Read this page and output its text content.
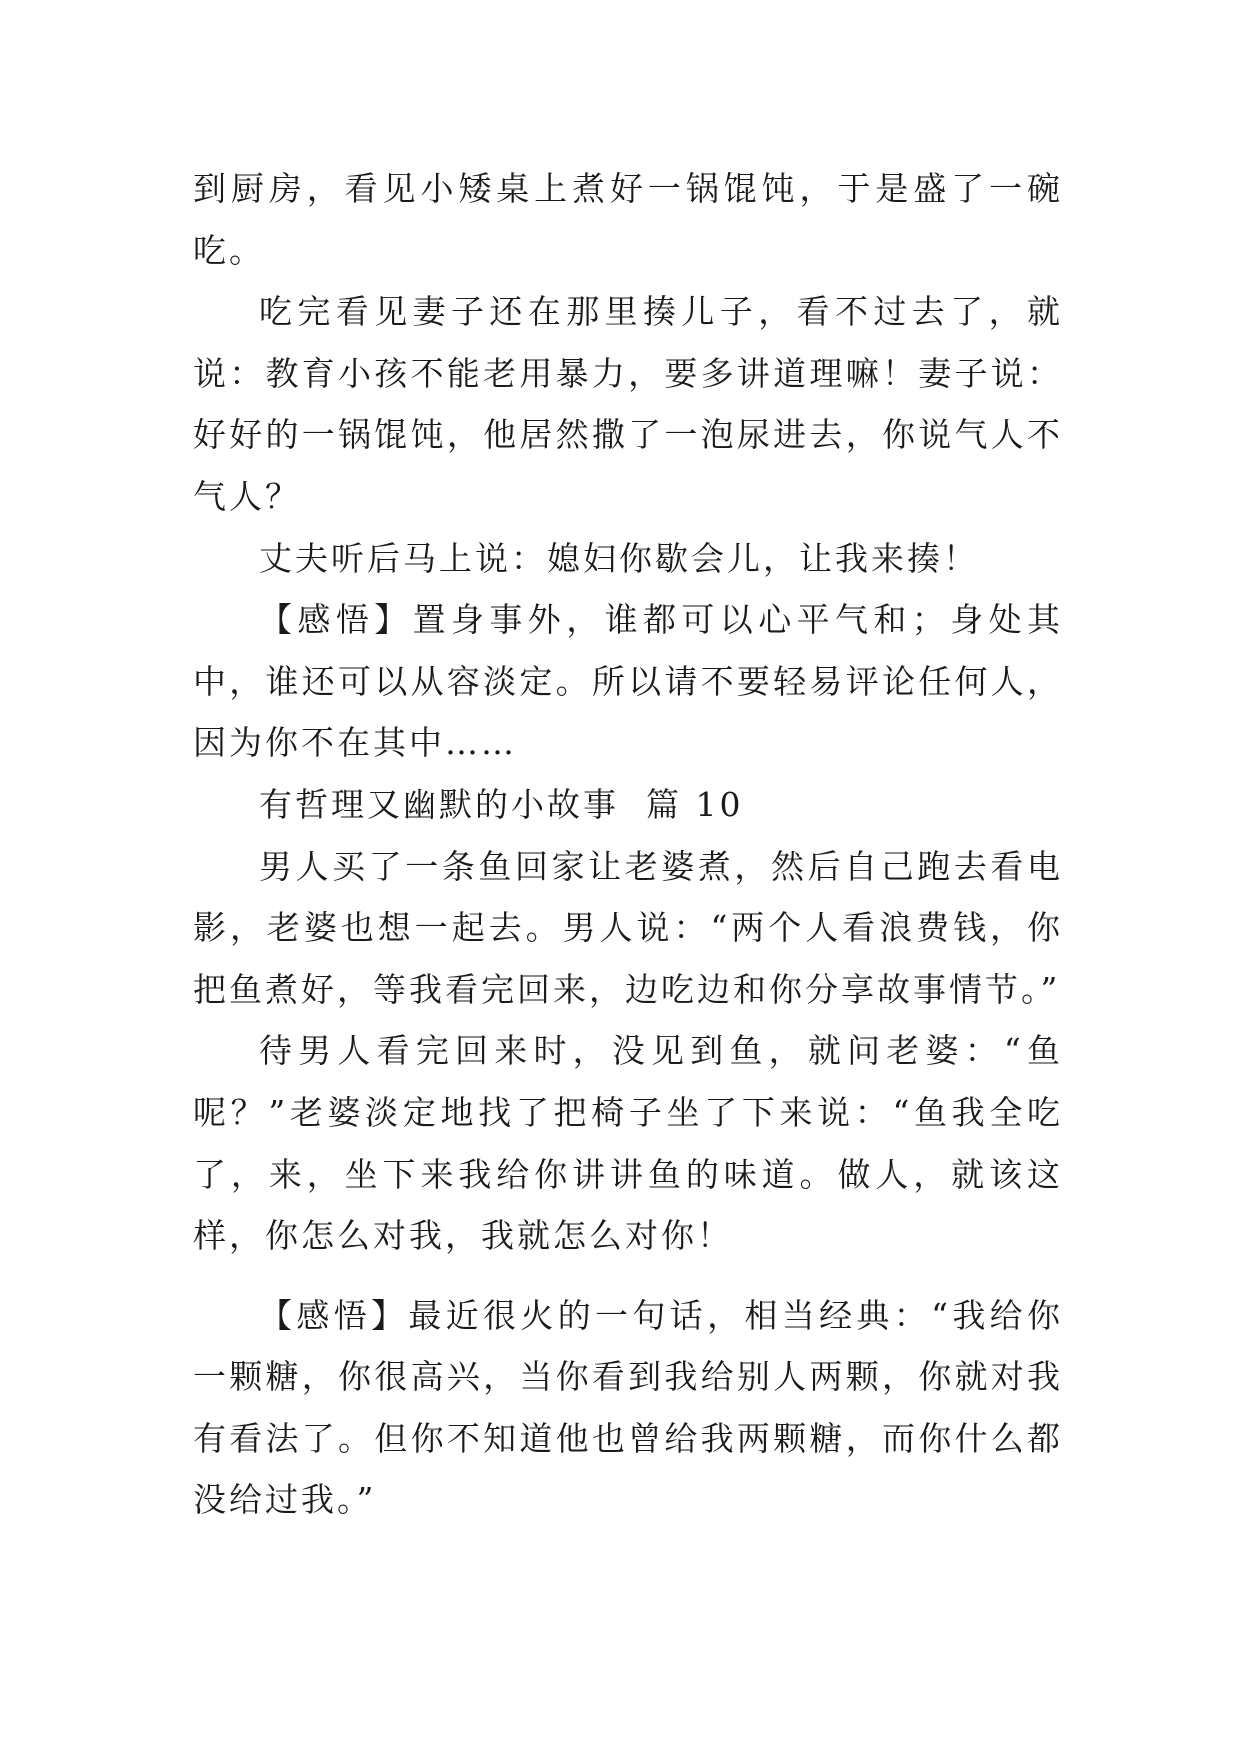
到厨房，看见小矮桌上煮好一锅馄饨，于是盛了一碗吃。

吃完看见妻子还在那里揍儿子，看不过去了，就说：教育小孩不能老用暴力，要多讲道理嘛！妻子说：好好的一锅馄饨，他居然撒了一泡尿进去，你说气人不气人？

丈夫听后马上说：媳妇你歇会儿，让我来揍！

【感悟】置身事外，谁都可以心平气和；身处其中，谁还可以从容淡定。所以请不要轻易评论任何人，因为你不在其中……

有哲理又幽默的小故事  篇 10

男人买了一条鱼回家让老婆煮，然后自己跑去看电影，老婆也想一起去。男人说：“两个人看浪费钱，你把鱼煮好，等我看完回来，边吃边和你分享故事情节。”

待男人看完回来时，没见到鱼，就问老婆：“鱼呢？”老婆淡定地找了把椅子坐了下来说：“鱼我全吃了，来，坐下来我给你讲讲鱼的味道。做人，就该这样，你怎么对我，我就怎么对你！

【感悟】最近很火的一句话，相当经典：“我给你一颗糖，你很高兴，当你看到我给别人两颗，你就对我有看法了。但你不知道他也曾给我两颗糖，而你什么都没给过我。”
